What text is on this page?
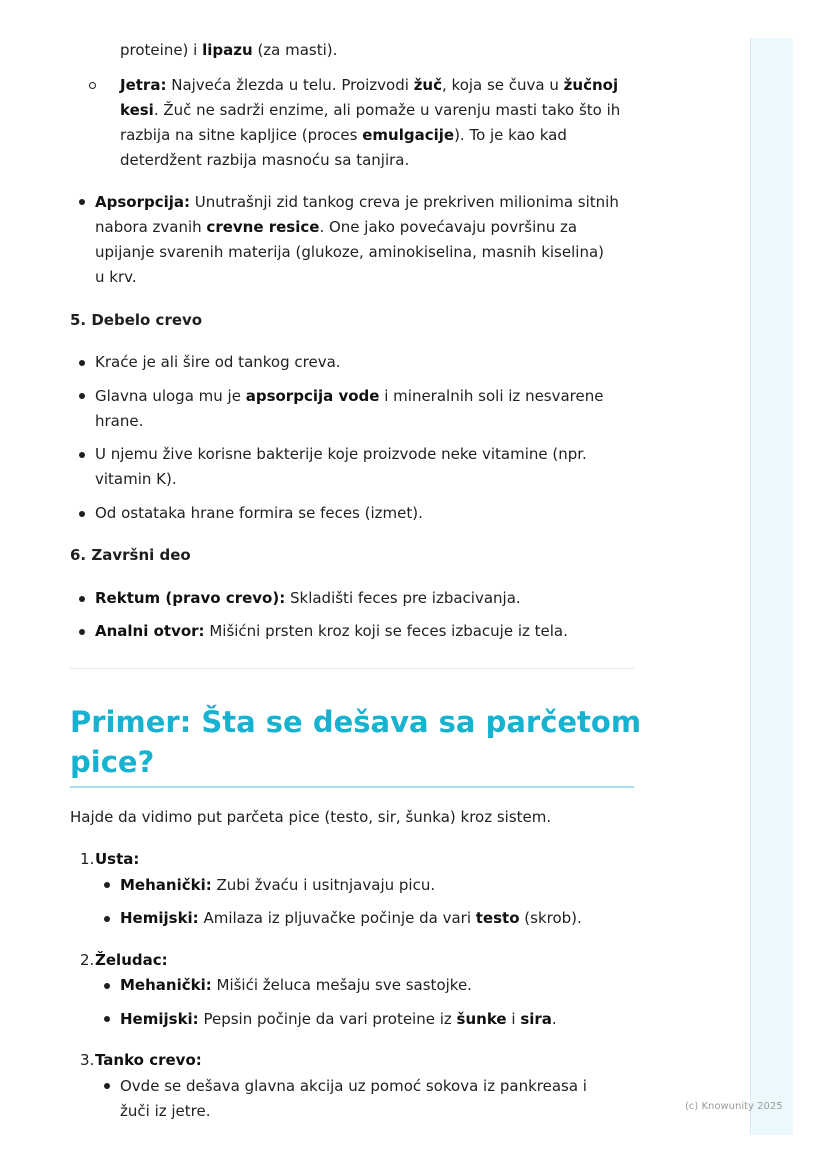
proteine) i lipazu (za masti).
Jetra: Najveća žlezda u telu. Proizvodi žuč, koja se čuva u žučnoj
kesi. Žuč ne sadrži enzime, ali pomaže u varenju masti tako što ih
razbija na sitne kapljice (proces emulgacije). To je kao kad
deterdžent razbija masnoću sa tanjira.
Apsorpcija: Unutrašnji zid tankog creva je prekriven milionima sitnih
nabora zvanih crevne resice. One jako povećavaju površinu za
upijanje svarenih materija (glukoze, aminokiselina, masnih kiselina)
u krv.
5. Debelo crevo
Kraće je ali šire od tankog creva.
Glavna uloga mu je apsorpcija vode i mineralnih soli iz nesvarene
hrane.
U njemu žive korisne bakterije koje proizvode neke vitamine (npr.
vitamin K).
Od ostataka hrane formira se feces (izmet).
6. Završni deo
Rektum (pravo crevo): Skladišti feces pre izbacivanja.
Analni otvor: Mišićni prsten kroz koji se feces izbacuje iz tela.
Primer: Šta se dešava sa parčetom
pice?
Hajde da vidimo put parčeta pice (testo, sir, šunka) kroz sistem.
1. Usta:
Mehanički: Zubi žvaću i usitnjavaju picu.
Hemijski: Amilaza iz pljuvačke počinje da vari testo (skrob).
2. Želudac:
Mehanički: Mišići želuca mešaju sve sastojke.
Hemijski: Pepsin počinje da vari proteine iz šunke i sira.
3. Tanko crevo:
Ovde se dešava glavna akcija uz pomoć sokova iz pankreasa i
žuči iz jetre.	(c) Knowunity 2025
